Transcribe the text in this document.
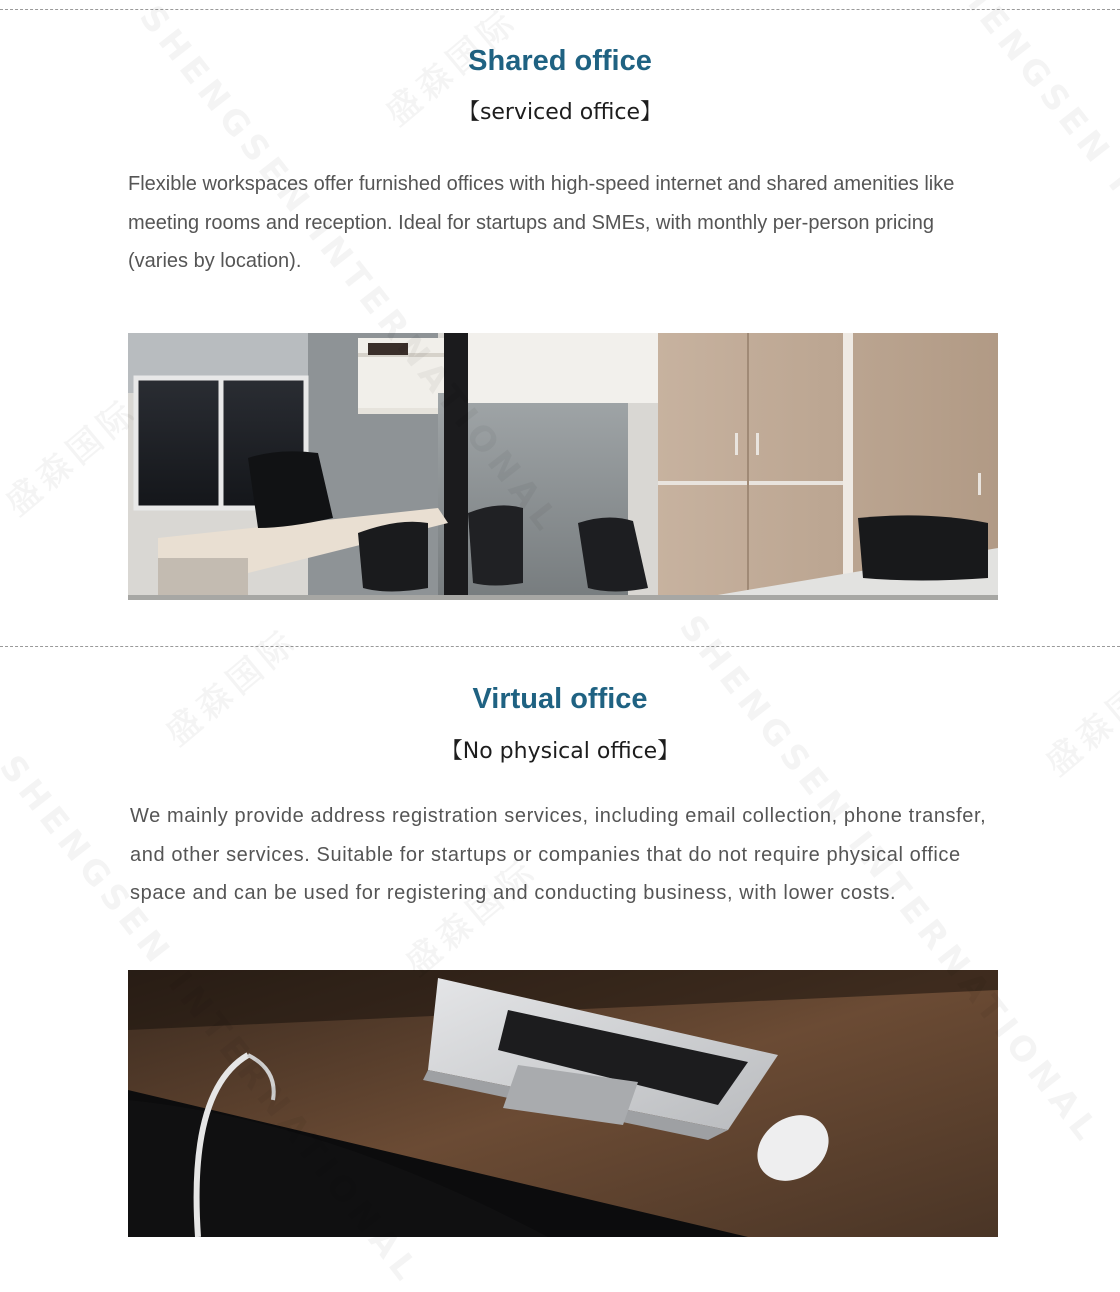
Shared office
【serviced office】

Flexible workspaces offer furnished offices with high-speed internet and shared amenities like meeting rooms and reception. Ideal for startups and SMEs, with monthly per-person pricing (varies by location).

Virtual office
【No physical office】

We mainly provide address registration services, including email collection, phone transfer, and other services. Suitable for startups or companies that do not require physical office space and can be used for registering and conducting business, with lower costs.
